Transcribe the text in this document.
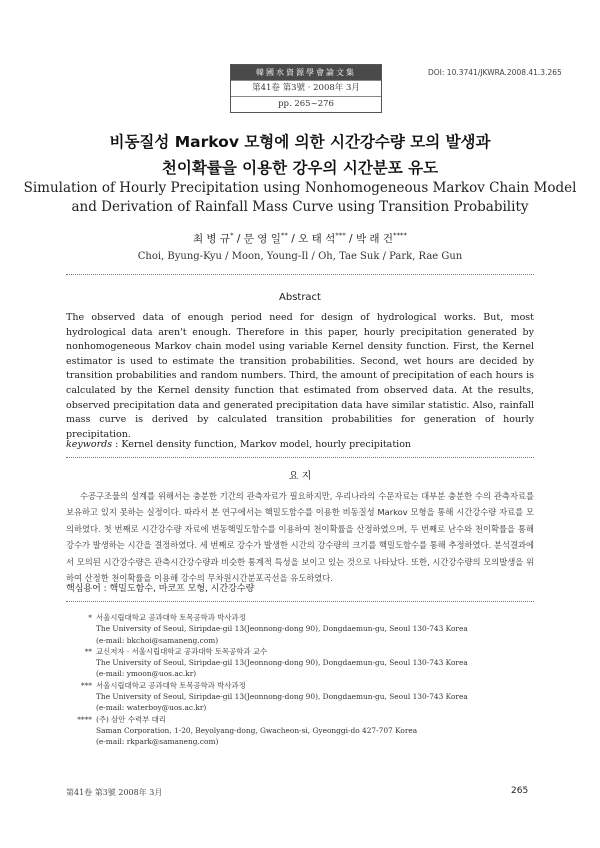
韓國水資源學會論文集
第41卷 第3號 · 2008年 3月
pp. 265~276
DOI: 10.3741/JKWRA.2008.41.3.265
비동질성 Markov 모형에 의한 시간강수량 모의 발생과
천이확률을 이용한 강우의 시간분포 유도
Simulation of Hourly Precipitation using Nonhomogeneous Markov Chain Model
and Derivation of Rainfall Mass Curve using Transition Probability
최 병 규* / 문 영 일** / 오 태 석*** / 박 래 건****
Choi, Byung-Kyu / Moon, Young-Il / Oh, Tae Suk / Park, Rae Gun
Abstract
The observed data of enough period need for design of hydrological works. But, most hydrological data aren't enough. Therefore in this paper, hourly precipitation generated by nonhomogeneous Markov chain model using variable Kernel density function. First, the Kernel estimator is used to estimate the transition probabilities. Second, wet hours are decided by transition probabilities and random numbers. Third, the amount of precipitation of each hours is calculated by the Kernel density function that estimated from observed data. At the results, observed precipitation data and generated precipitation data have similar statistic. Also, rainfall mass curve is derived by calculated transition probabilities for generation of hourly precipitation.
keywords : Kernel density function, Markov model, hourly precipitation
요 지
수공구조물의 설계를 위해서는 충분한 기간의 관측자료가 필요하지만, 우리나라의 수문자료는 대부분 충분한 수의 관측자료를 보유하고 있지 못하는 실정이다. 따라서 본 연구에서는 핵밀도함수를 이용한 비동질성 Markov 모형을 통해 시간강수량 자료를 모의하였다. 첫 번째로 시간강수량 자료에 변동핵밀도함수를 이용하여 천이확률을 산정하였으며, 두 번째로 난수와 천이확률을 통해 강수가 발생하는 시간을 결정하였다. 세 번째로 강수가 발생한 시간의 강수량의 크기를 핵밀도함수를 통해 추정하였다. 분석결과에서 모의된 시간강수량은 관측시간강수량과 비슷한 통계적 특성을 보이고 있는 것으로 나타났다. 또한, 시간강수량의 모의발생을 위하여 산정한 천이확률을 이용해 강수의 무차원시간분포곡선을 유도하였다.
핵심용어 : 핵밀도함수, 마코프 모형, 시간강수량
* 서울시립대학교 공과대학 토목공학과 박사과정
The University of Seoul, Siripdae-gil 13(Jeonnong-dong 90), Dongdaemun-gu, Seoul 130-743 Korea
(e-mail: bkchoi@samaneng.com)
** 교신저자 · 서울시립대학교 공과대학 토목공학과 교수
The University of Seoul, Siripdae-gil 13(Jeonnong-dong 90), Dongdaemun-gu, Seoul 130-743 Korea
(e-mail: ymoon@uos.ac.kr)
*** 서울시립대학교 공과대학 토목공학과 박사과정
The University of Seoul, Siripdae-gil 13(Jeonnong-dong 90), Dongdaemun-gu, Seoul 130-743 Korea
(e-mail: waterboy@uos.ac.kr)
**** (주) 삼안 수력부 대리
Saman Corporation, 1-20, Beyolyang-dong, Gwacheon-si, Gyeonggi-do 427-707 Korea
(e-mail: rkpark@samaneng.com)
第41卷 第3號 2008年 3月	265
